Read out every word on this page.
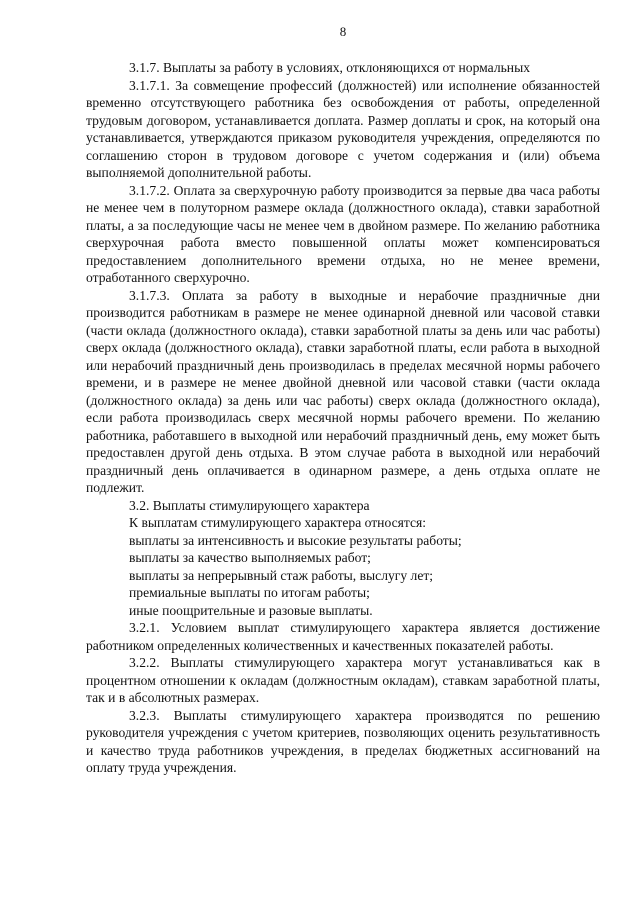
8

3.1.7. Выплаты за работу в условиях, отклоняющихся от нормальных

3.1.7.1. За совмещение профессий (должностей) или исполнение обязанностей временно отсутствующего работника без освобождения от работы, определенной трудовым договором, устанавливается доплата. Размер доплаты и срок, на который она устанавливается, утверждаются приказом руководителя учреждения, определяются по соглашению сторон в трудовом договоре с учетом содержания и (или) объема выполняемой дополнительной работы.

3.1.7.2. Оплата за сверхурочную работу производится за первые два часа работы не менее чем в полуторном размере оклада (должностного оклада), ставки заработной платы, а за последующие часы не менее чем в двойном размере. По желанию работника сверхурочная работа вместо повышенной оплаты может компенсироваться предоставлением дополнительного времени отдыха, но не менее времени, отработанного сверхурочно.

3.1.7.3. Оплата за работу в выходные и нерабочие праздничные дни производится работникам в размере не менее одинарной дневной или часовой ставки (части оклада (должностного оклада), ставки заработной платы за день или час работы) сверх оклада (должностного оклада), ставки заработной платы, если работа в выходной или нерабочий праздничный день производилась в пределах месячной нормы рабочего времени, и в размере не менее двойной дневной или часовой ставки (части оклада (должностного оклада) за день или час работы) сверх оклада (должностного оклада), если работа производилась сверх месячной нормы рабочего времени. По желанию работника, работавшего в выходной или нерабочий праздничный день, ему может быть предоставлен другой день отдыха. В этом случае работа в выходной или нерабочий праздничный день оплачивается в одинарном размере, а день отдыха оплате не подлежит.

3.2. Выплаты стимулирующего характера

К выплатам стимулирующего характера относятся:

выплаты за интенсивность и высокие результаты работы;

выплаты за качество выполняемых работ;

выплаты за непрерывный стаж работы, выслугу лет;

премиальные выплаты по итогам работы;

иные поощрительные и разовые выплаты.

3.2.1. Условием выплат стимулирующего характера является достижение работником определенных количественных и качественных показателей работы.

3.2.2. Выплаты стимулирующего характера могут устанавливаться как в процентном отношении к окладам (должностным окладам), ставкам заработной платы, так и в абсолютных размерах.

3.2.3. Выплаты стимулирующего характера производятся по решению руководителя учреждения с учетом критериев, позволяющих оценить результативность и качество труда работников учреждения, в пределах бюджетных ассигнований на оплату труда учреждения.
